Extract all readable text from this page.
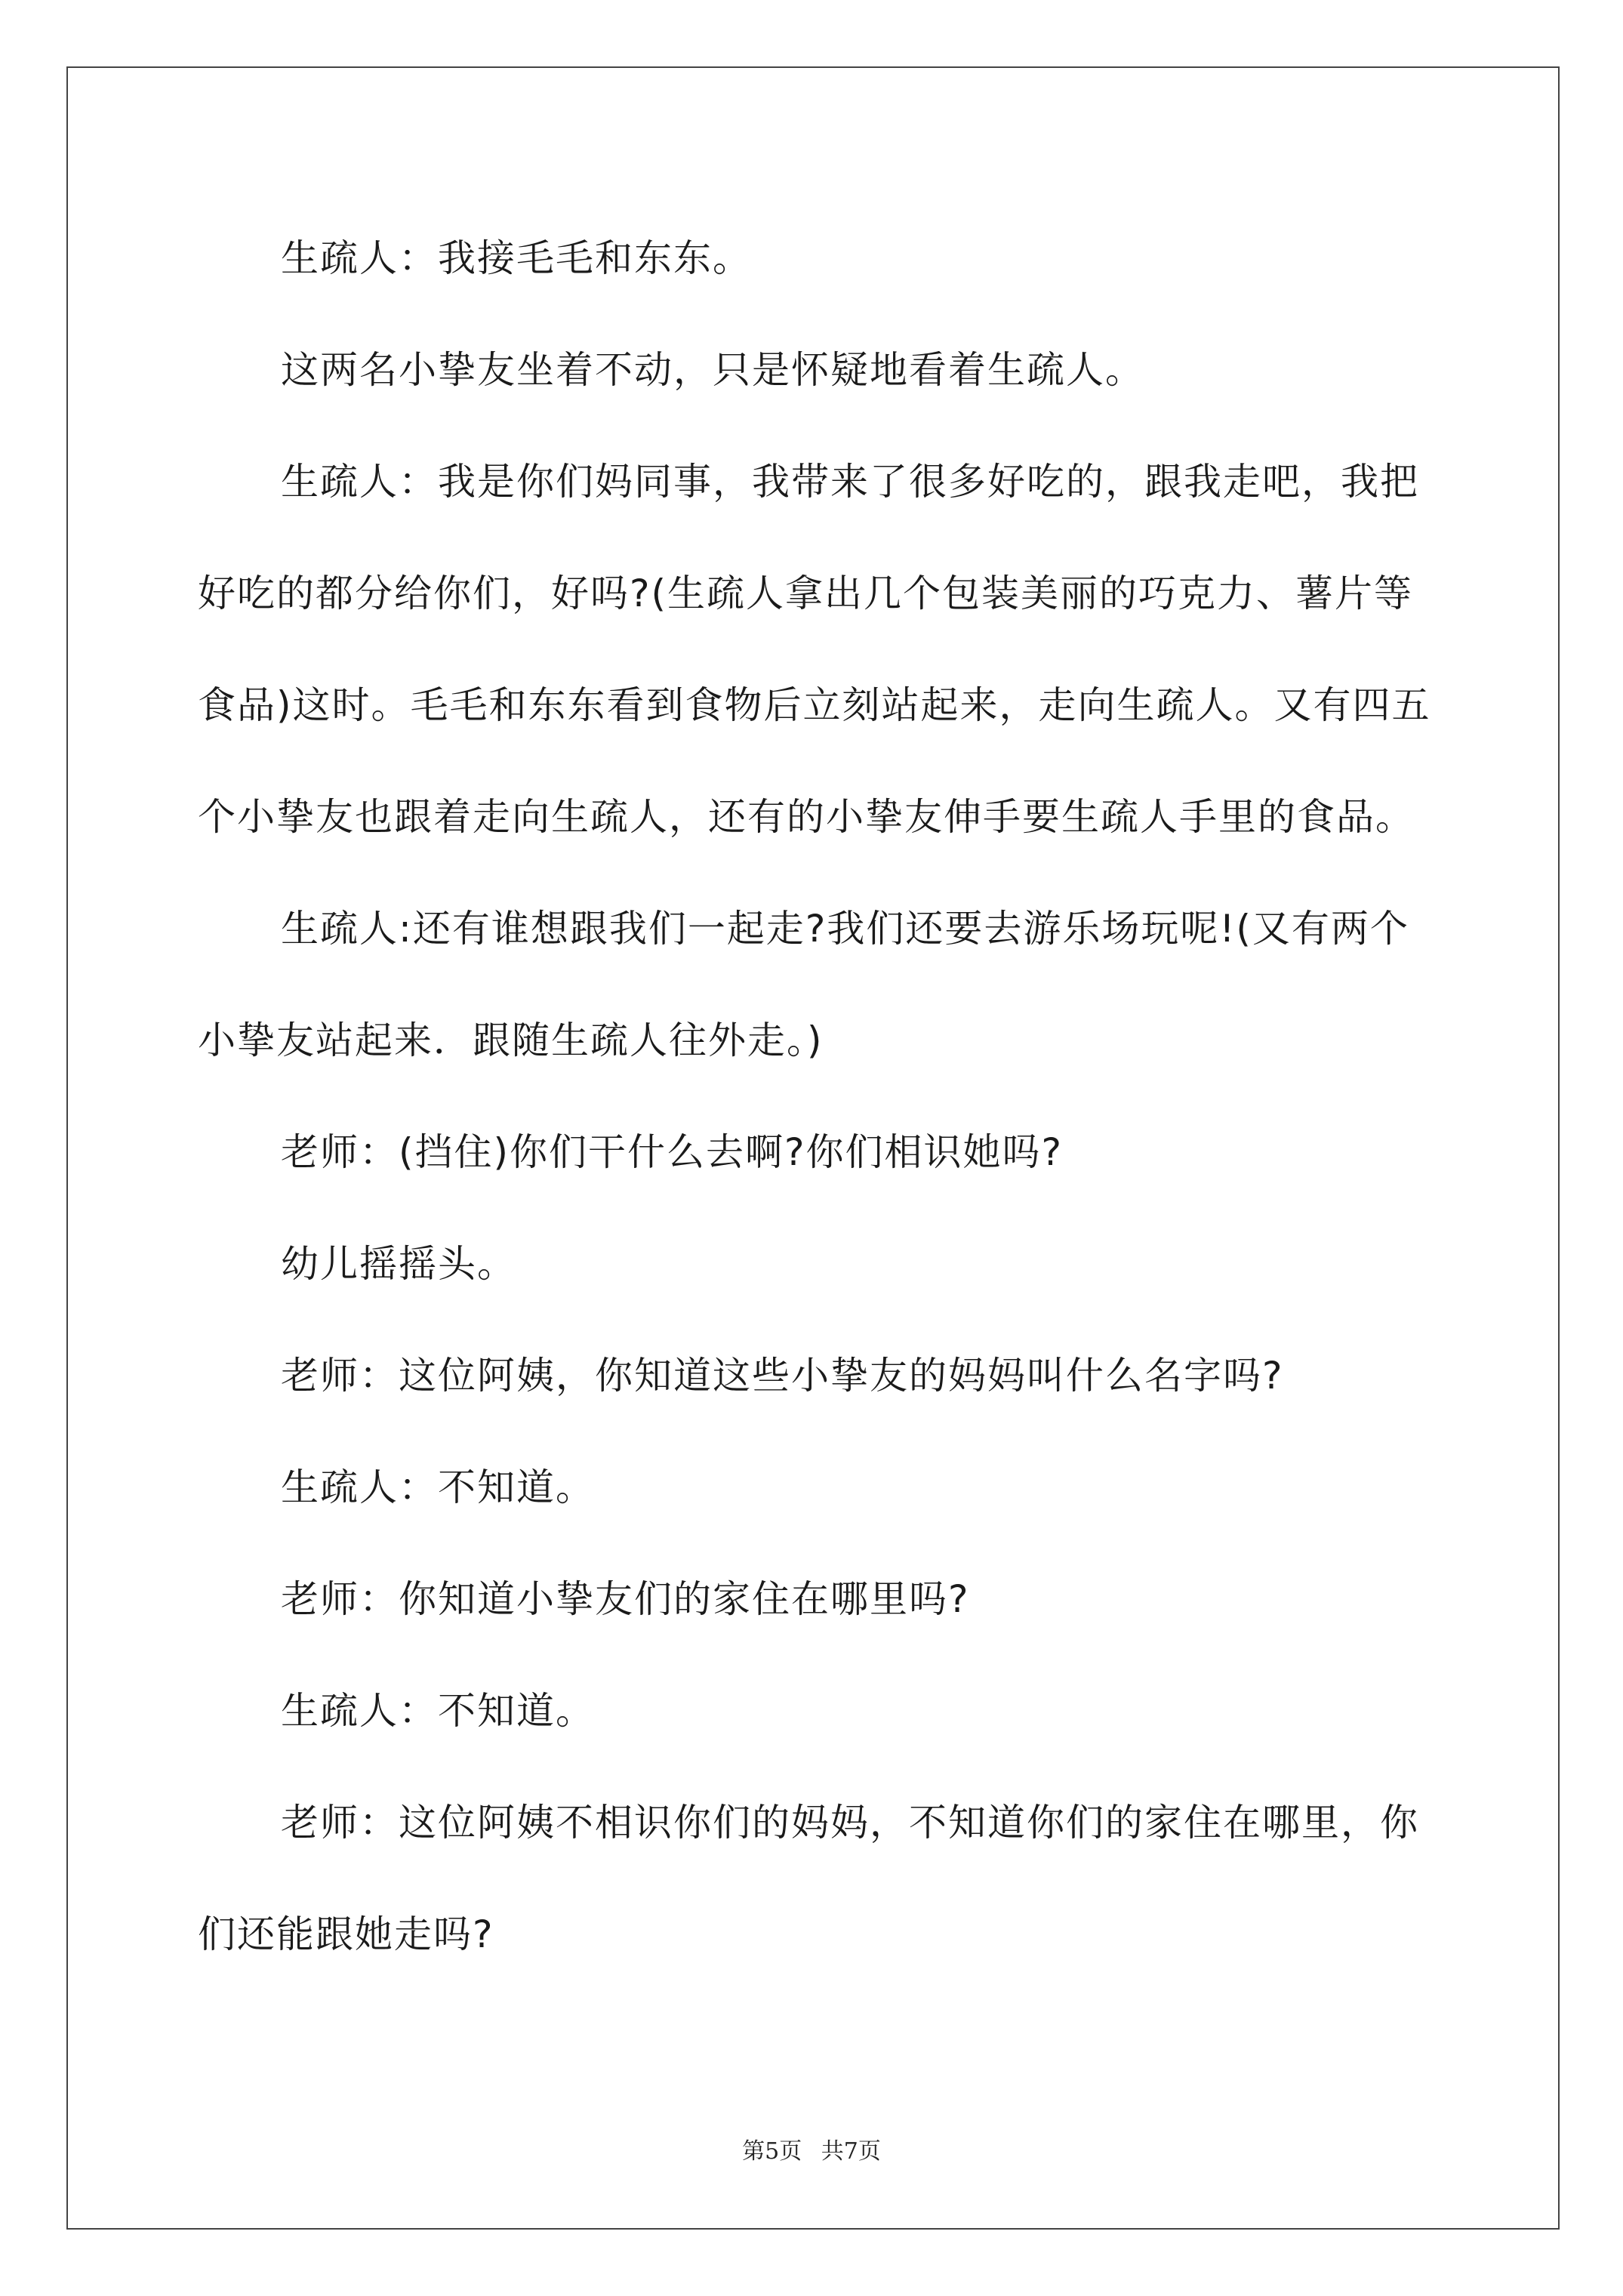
生疏人：我接毛毛和东东。

这两名小挚友坐着不动，只是怀疑地看着生疏人。

生疏人：我是你们妈同事，我带来了很多好吃的，跟我走吧，我把好吃的都分给你们，好吗?(生疏人拿出几个包装美丽的巧克力、薯片等食品)这时。毛毛和东东看到食物后立刻站起来，走向生疏人。又有四五个小挚友也跟着走向生疏人，还有的小挚友伸手要生疏人手里的食品。

生疏人:还有谁想跟我们一起走?我们还要去游乐场玩呢!(又有两个小挚友站起来．跟随生疏人往外走。)

老师：(挡住)你们干什么去啊?你们相识她吗?

幼儿摇摇头。

老师：这位阿姨，你知道这些小挚友的妈妈叫什么名字吗?

生疏人：不知道。

老师：你知道小挚友们的家住在哪里吗?

生疏人：不知道。

老师：这位阿姨不相识你们的妈妈，不知道你们的家住在哪里，你们还能跟她走吗?

第5页 共7页
